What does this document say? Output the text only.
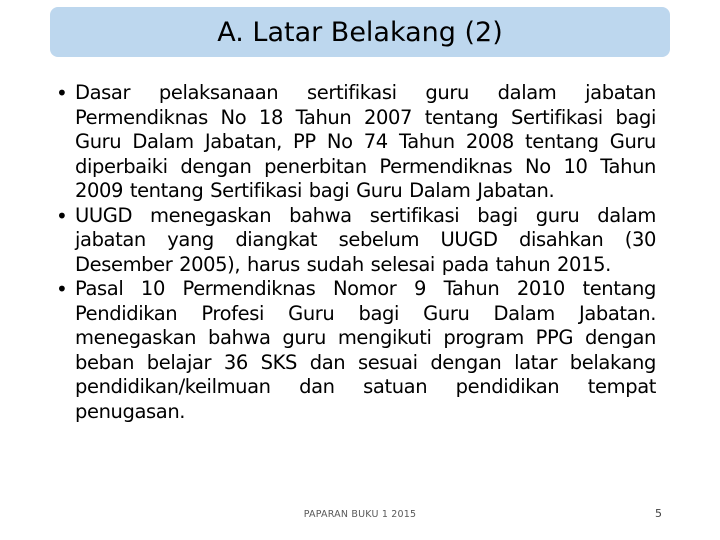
A. Latar Belakang (2)
• Dasar pelaksanaan sertifikasi guru dalam jabatan Permendiknas No 18 Tahun 2007 tentang Sertifikasi bagi Guru Dalam Jabatan, PP No 74 Tahun 2008 tentang Guru diperbaiki dengan penerbitan Permendiknas No 10 Tahun 2009 tentang Sertifikasi bagi Guru Dalam Jabatan.
• UUGD menegaskan bahwa sertifikasi bagi guru dalam jabatan yang diangkat sebelum UUGD disahkan (30 Desember 2005), harus sudah selesai pada tahun 2015.
• Pasal 10 Permendiknas Nomor 9 Tahun 2010 tentang Pendidikan Profesi Guru bagi Guru Dalam Jabatan. menegaskan bahwa guru mengikuti program PPG dengan beban belajar 36 SKS dan sesuai dengan latar belakang pendidikan/keilmuan dan satuan pendidikan tempat penugasan.
PAPARAN BUKU 1 2015	5
